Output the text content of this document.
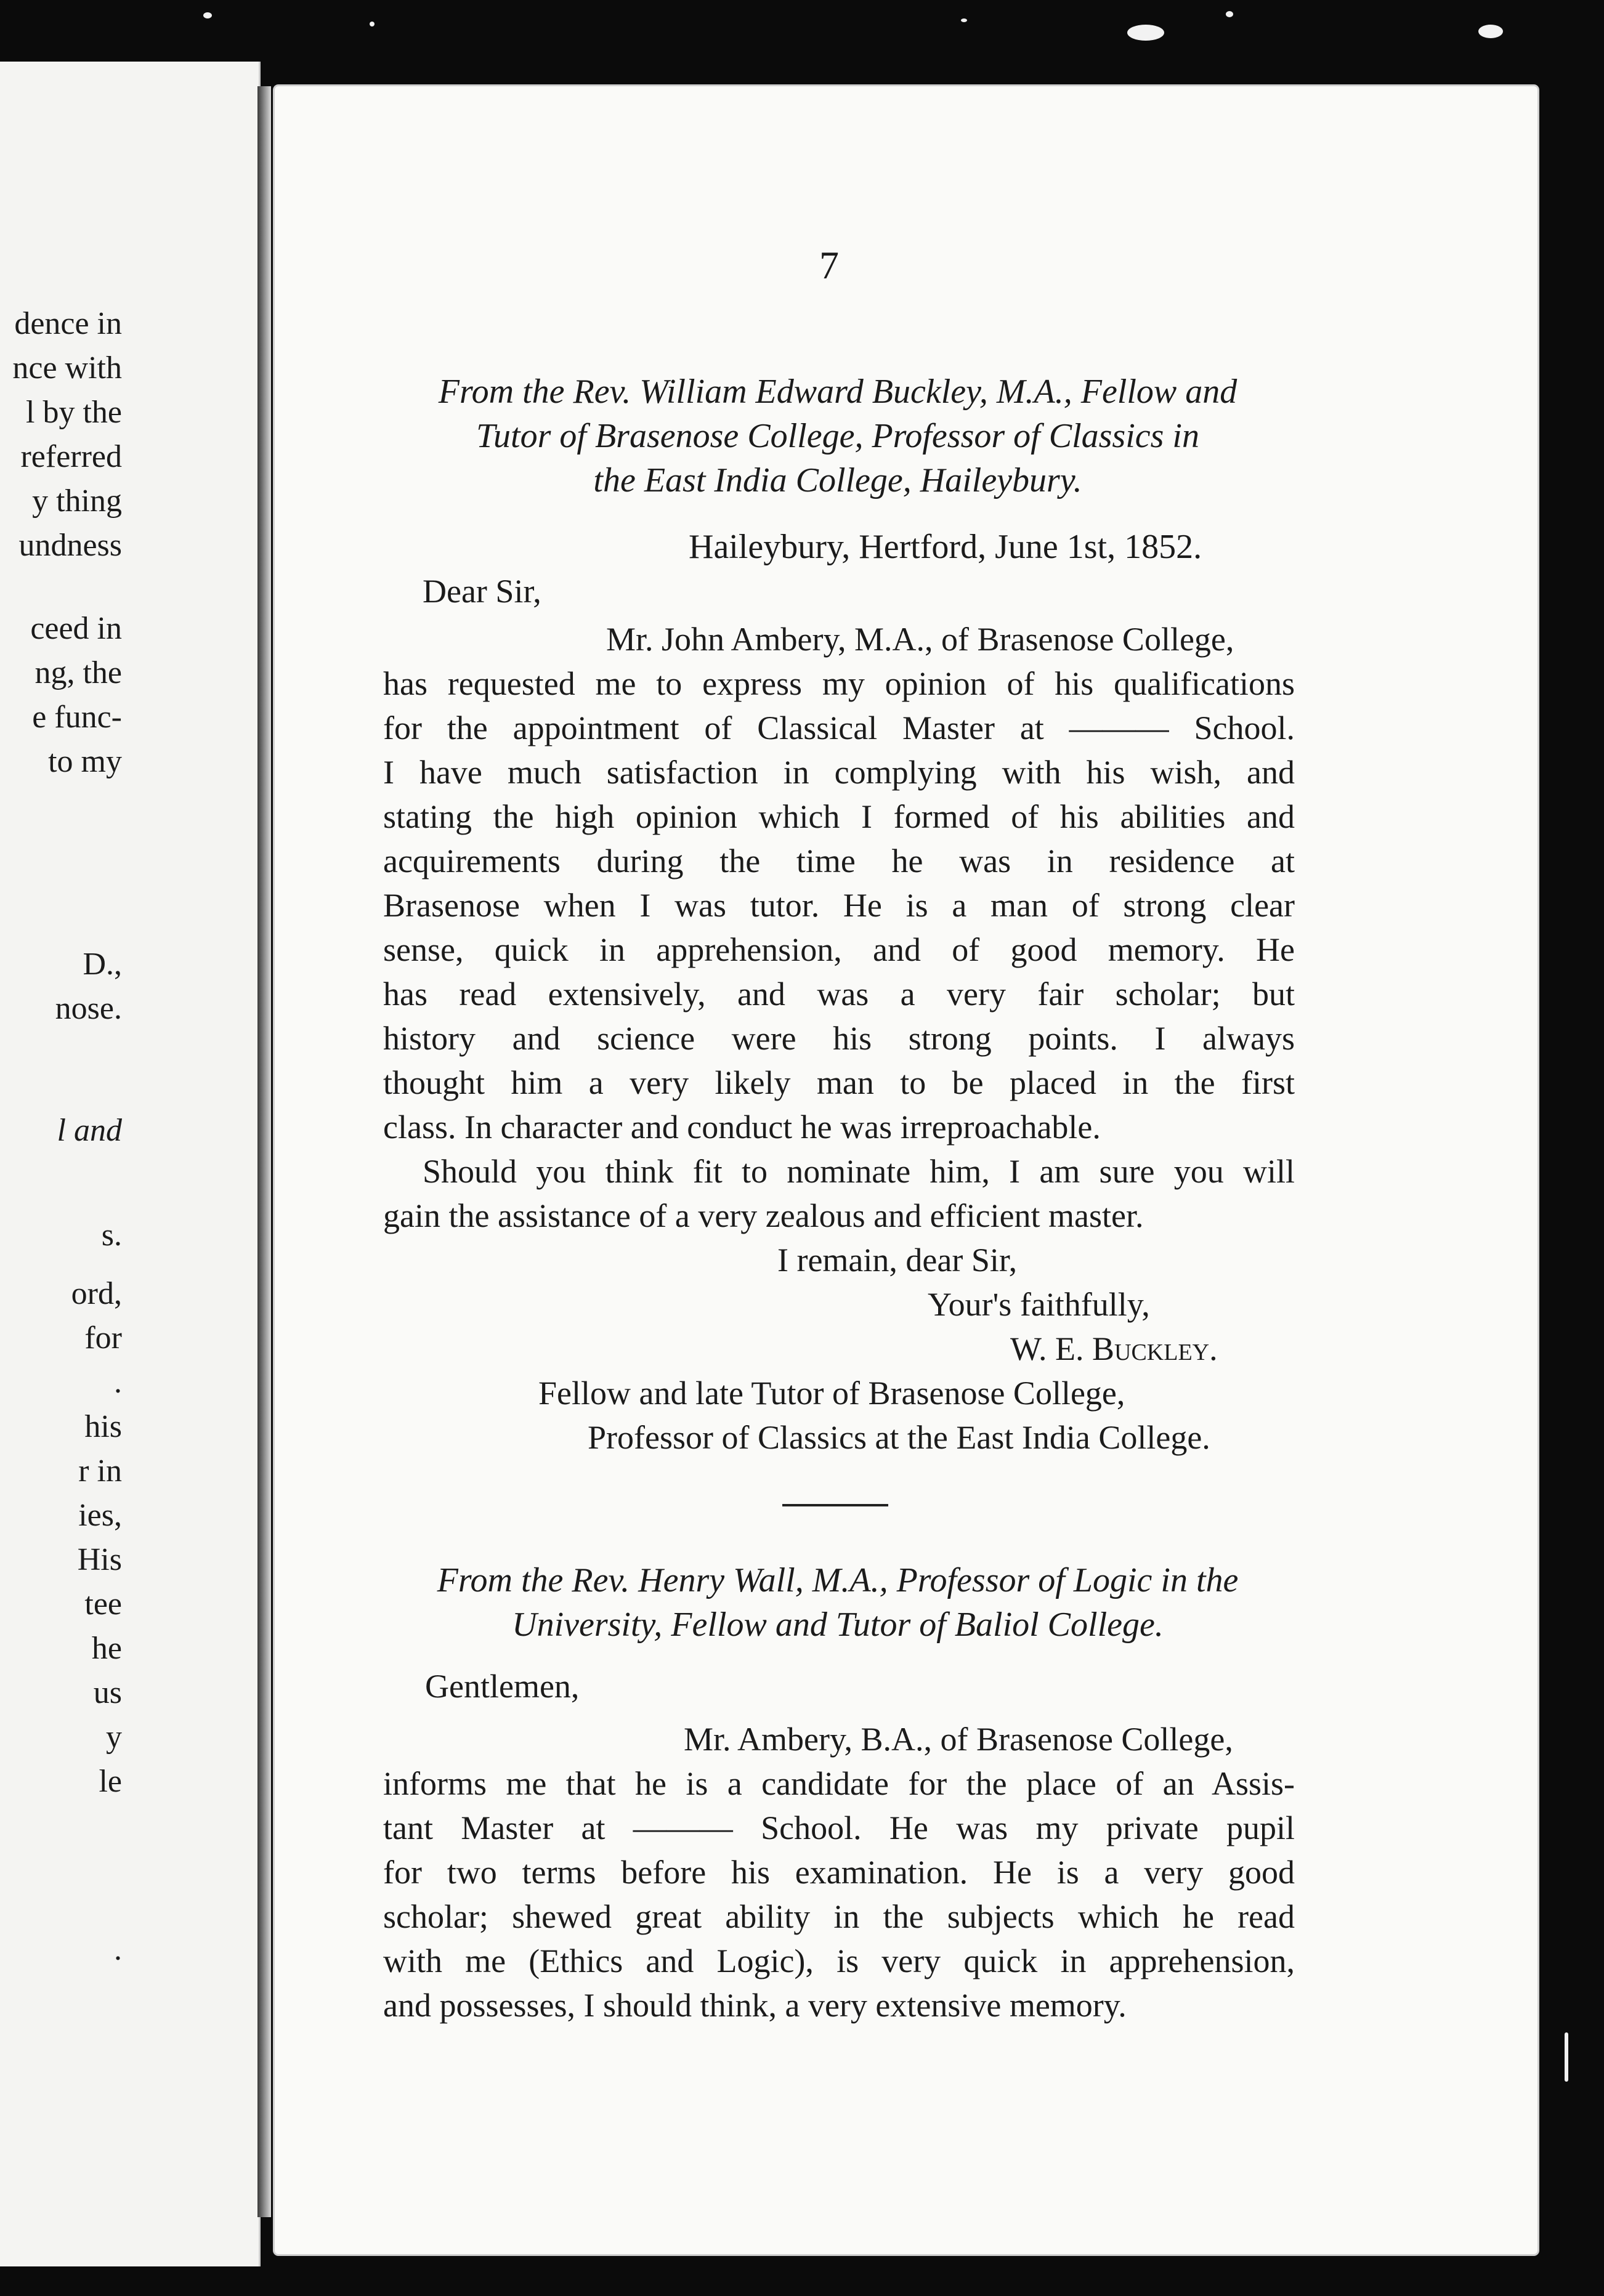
dence in
nce with
l by the
referred
y thing
undness
ceed in
ng, the
e func-
to my
D.,
nose.
l and
s.
ord,
for
.
his
r in
ies,
His
tee
he
us
y
le
.
7
From the Rev. William Edward Buckley, M.A., Fellow and
Tutor of Brasenose College, Professor of Classics in
the East India College, Haileybury.
Haileybury, Hertford, June 1st, 1852.
Dear Sir,
Mr. John Ambery, M.A., of Brasenose College,
has requested me to express my opinion of his qualifications
for the appointment of Classical Master at ——— School.
I have much satisfaction in complying with his wish, and
stating the high opinion which I formed of his abilities and
acquirements during the time he was in residence at
Brasenose when I was tutor. He is a man of strong clear
sense, quick in apprehension, and of good memory. He
has read extensively, and was a very fair scholar; but
history and science were his strong points. I always
thought him a very likely man to be placed in the first
class. In character and conduct he was irreproachable.
Should you think fit to nominate him, I am sure you will
gain the assistance of a very zealous and efficient master.
I remain, dear Sir,
Your's faithfully,
W. E. Buckley.
Fellow and late Tutor of Brasenose College,
Professor of Classics at the East India College.
From the Rev. Henry Wall, M.A., Professor of Logic in the
University, Fellow and Tutor of Baliol College.
Gentlemen,
Mr. Ambery, B.A., of Brasenose College,
informs me that he is a candidate for the place of an Assis-
tant Master at ——— School. He was my private pupil
for two terms before his examination. He is a very good
scholar; shewed great ability in the subjects which he read
with me (Ethics and Logic), is very quick in apprehension,
and possesses, I should think, a very extensive memory.
